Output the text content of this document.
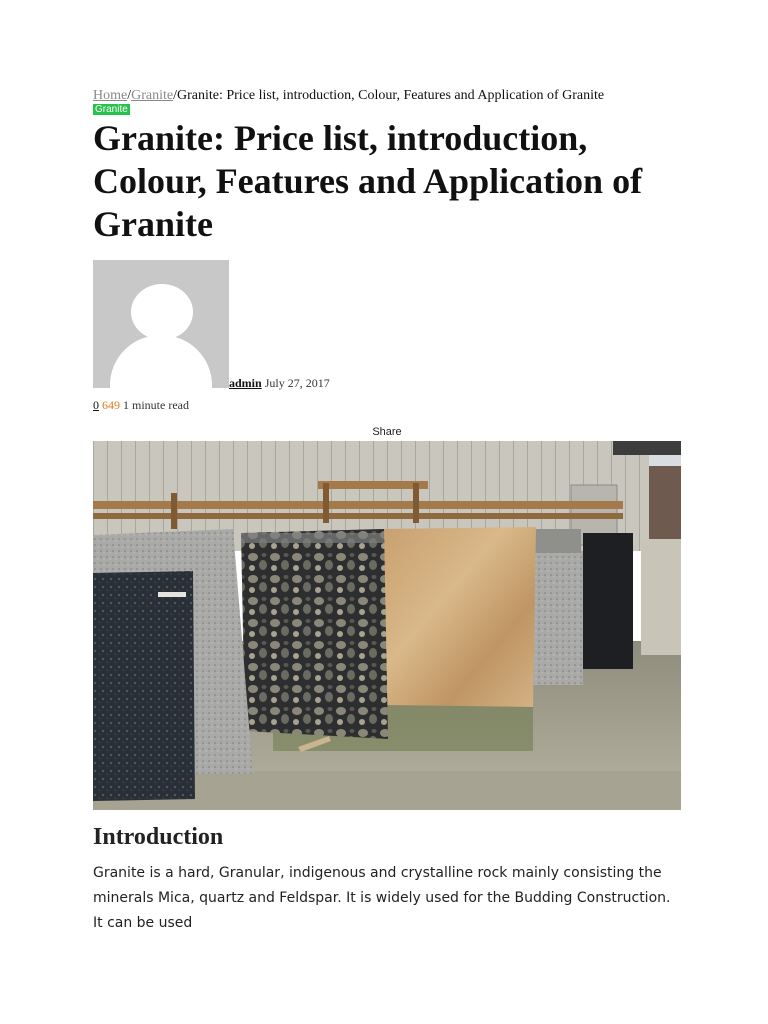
Home/Granite/Granite: Price list, introduction, Colour, Features and Application of Granite
Granite
Granite: Price list, introduction, Colour, Features and Application of Granite
admin July 27, 2017
0 649 1 minute read
Share
Introduction

Granite is a hard, Granular, indigenous and crystalline rock mainly consisting the minerals Mica, quartz and Feldspar. It is widely used for the Budding Construction. It can be used
